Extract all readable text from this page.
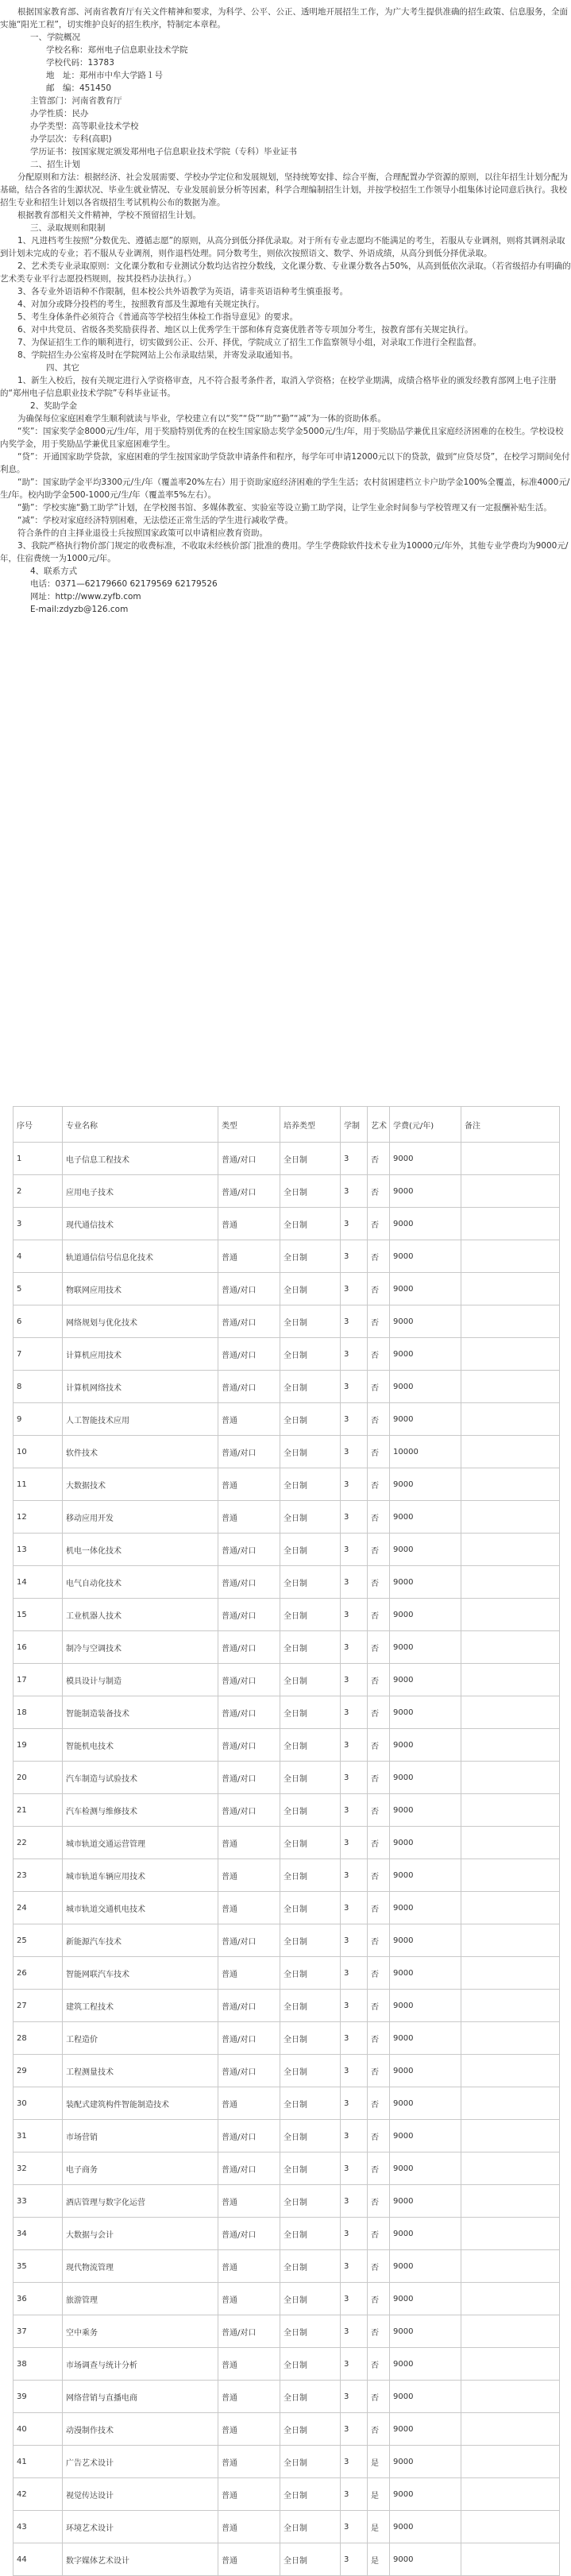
根据国家教育部、河南省教育厅有关文件精神和要求，为科学、公平、公正、透明地开展招生工作，为广大考生提供准确的招生政策、信息服务，全面实施“阳光工程”，切实维护良好的招生秩序，特制定本章程。

一、学院概况
学校名称：郑州电子信息职业技术学院
学校代码：13783
地　址：郑州市中牟大学路１号
邮　编：451450
主管部门：河南省教育厅
办学性质：民办
办学类型：高等职业技术学校
办学层次：专科(高职)
学历证书：按国家规定颁发郑州电子信息职业技术学院（专科）毕业证书
二、招生计划

分配原则和方法：根据经济、社会发展需要、学校办学定位和发展规划，坚持统筹安排、综合平衡，合理配置办学资源的原则，以往年招生计划分配为基础，结合各省的生源状况、毕业生就业情况、专业发展前景分析等因素，科学合理编制招生计划，并按学校招生工作领导小组集体讨论同意后执行。我校招生专业和招生计划以各省级招生考试机构公布的数据为准。

根据教育部相关文件精神，学校不预留招生计划。

三、录取规则和限制

1、凡进档考生按照“分数优先、遵循志愿”的原则，从高分到低分择优录取。对于所有专业志愿均不能满足的考生，若服从专业调剂，则将其调剂录取到计划未完成的专业；若不服从专业调剂，则作退档处理。同分数考生，则依次按照语文、数学、外语成绩，从高分到低分择优录取。

2、艺术类专业录取原则：文化课分数和专业测试分数均达省控分数线，文化课分数、专业课分数各占50%，从高到低依次录取。（若省级招办有明确的艺术类专业平行志愿投档规则，按其投档办法执行。）

3、各专业外语语种不作限制，但本校公共外语教学为英语，请非英语语种考生慎重报考。

4、对加分或降分投档的考生，按照教育部及生源地有关规定执行。

5、考生身体条件必须符合《普通高等学校招生体检工作指导意见》的要求。

6、对中共党员、省级各类奖励获得者、地区以上优秀学生干部和体育竞赛优胜者等专项加分考生，按教育部有关规定执行。

7、为保证招生工作的顺利进行，切实做到公正、公开、择优，学院成立了招生工作监察领导小组，对录取工作进行全程监督。

8、学院招生办公室将及时在学院网站上公布录取结果，并寄发录取通知书。

四、其它

1、新生入校后，按有关规定进行入学资格审查，凡不符合报考条件者，取消入学资格；在校学业期满，成绩合格毕业的颁发经教育部网上电子注册的“郑州电子信息职业技术学院”专科毕业证书。

2、奖助学金

为确保每位家庭困难学生顺利就读与毕业，学校建立有以“奖”“贷”“助”“勤”“减”为一体的资助体系。

“奖”：国家奖学金8000元/生/年，用于奖励特别优秀的在校生国家励志奖学金5000元/生/年，用于奖励品学兼优且家庭经济困难的在校生。学校设校内奖学金，用于奖励品学兼优且家庭困难学生。

“贷”：开通国家助学贷款，家庭困难的学生按国家助学贷款申请条件和程序，每学年可申请12000元以下的贷款，做到“应贷尽贷”，在校学习期间免付利息。

“助”：国家助学金平均3300元/生/年（覆盖率20%左右）用于资助家庭经济困难的学生生活；农村贫困建档立卡户助学金100%全覆盖，标准4000元/生/年。校内助学金500-1000元/生/年（覆盖率5%左右）。

“勤”：学校实施“勤工助学”计划，在学校图书馆、多媒体教室、实验室等设立勤工助学岗，让学生业余时间参与学校管理又有一定报酬补贴生活。

“减”：学校对家庭经济特别困难，无法偿还正常生活的学生进行减收学费。

符合条件的自主择业退役士兵按照国家政策可以申请相应教育资助。

3、我院严格执行物价部门规定的收费标准，不收取未经核价部门批准的费用。学生学费除软件技术专业为10000元/年外，其他专业学费均为9000元/年，住宿费统一为1000元/年。

4、联系方式
电话：0371—62179660 62179569 62179526
网址：http://www.zyfb.com
E-mail:zdyzb@126.com
序号	专业名称	类型	培养类型	学制	艺术	学费(元/年)	备注
1	电子信息工程技术	普通/对口	全日制	3	否	9000	
2	应用电子技术	普通/对口	全日制	3	否	9000	
3	现代通信技术	普通	全日制	3	否	9000	
4	轨道通信信号信息化技术	普通	全日制	3	否	9000	
5	物联网应用技术	普通/对口	全日制	3	否	9000	
6	网络规划与优化技术	普通/对口	全日制	3	否	9000	
7	计算机应用技术	普通/对口	全日制	3	否	9000	
8	计算机网络技术	普通/对口	全日制	3	否	9000	
9	人工智能技术应用	普通	全日制	3	否	9000	
10	软件技术	普通/对口	全日制	3	否	10000	
11	大数据技术	普通	全日制	3	否	9000	
12	移动应用开发	普通	全日制	3	否	9000	
13	机电一体化技术	普通/对口	全日制	3	否	9000	
14	电气自动化技术	普通/对口	全日制	3	否	9000	
15	工业机器人技术	普通/对口	全日制	3	否	9000	
16	制冷与空调技术	普通/对口	全日制	3	否	9000	
17	模具设计与制造	普通/对口	全日制	3	否	9000	
18	智能制造装备技术	普通/对口	全日制	3	否	9000	
19	智能机电技术	普通/对口	全日制	3	否	9000	
20	汽车制造与试验技术	普通/对口	全日制	3	否	9000	
21	汽车检测与维修技术	普通/对口	全日制	3	否	9000	
22	城市轨道交通运营管理	普通	全日制	3	否	9000	
23	城市轨道车辆应用技术	普通	全日制	3	否	9000	
24	城市轨道交通机电技术	普通	全日制	3	否	9000	
25	新能源汽车技术	普通/对口	全日制	3	否	9000	
26	智能网联汽车技术	普通	全日制	3	否	9000	
27	建筑工程技术	普通/对口	全日制	3	否	9000	
28	工程造价	普通/对口	全日制	3	否	9000	
29	工程测量技术	普通/对口	全日制	3	否	9000	
30	装配式建筑构件智能制造技术	普通	全日制	3	否	9000	
31	市场营销	普通/对口	全日制	3	否	9000	
32	电子商务	普通/对口	全日制	3	否	9000	
33	酒店管理与数字化运营	普通	全日制	3	否	9000	
34	大数据与会计	普通/对口	全日制	3	否	9000	
35	现代物流管理	普通	全日制	3	否	9000	
36	旅游管理	普通	全日制	3	否	9000	
37	空中乘务	普通/对口	全日制	3	否	9000	
38	市场调查与统计分析	普通	全日制	3	否	9000	
39	网络营销与直播电商	普通	全日制	3	否	9000	
40	动漫制作技术	普通	全日制	3	否	9000	
41	广告艺术设计	普通	全日制	3	是	9000	
42	视觉传达设计	普通	全日制	3	是	9000	
43	环境艺术设计	普通	全日制	3	是	9000	
44	数字媒体艺术设计	普通	全日制	3	是	9000	
